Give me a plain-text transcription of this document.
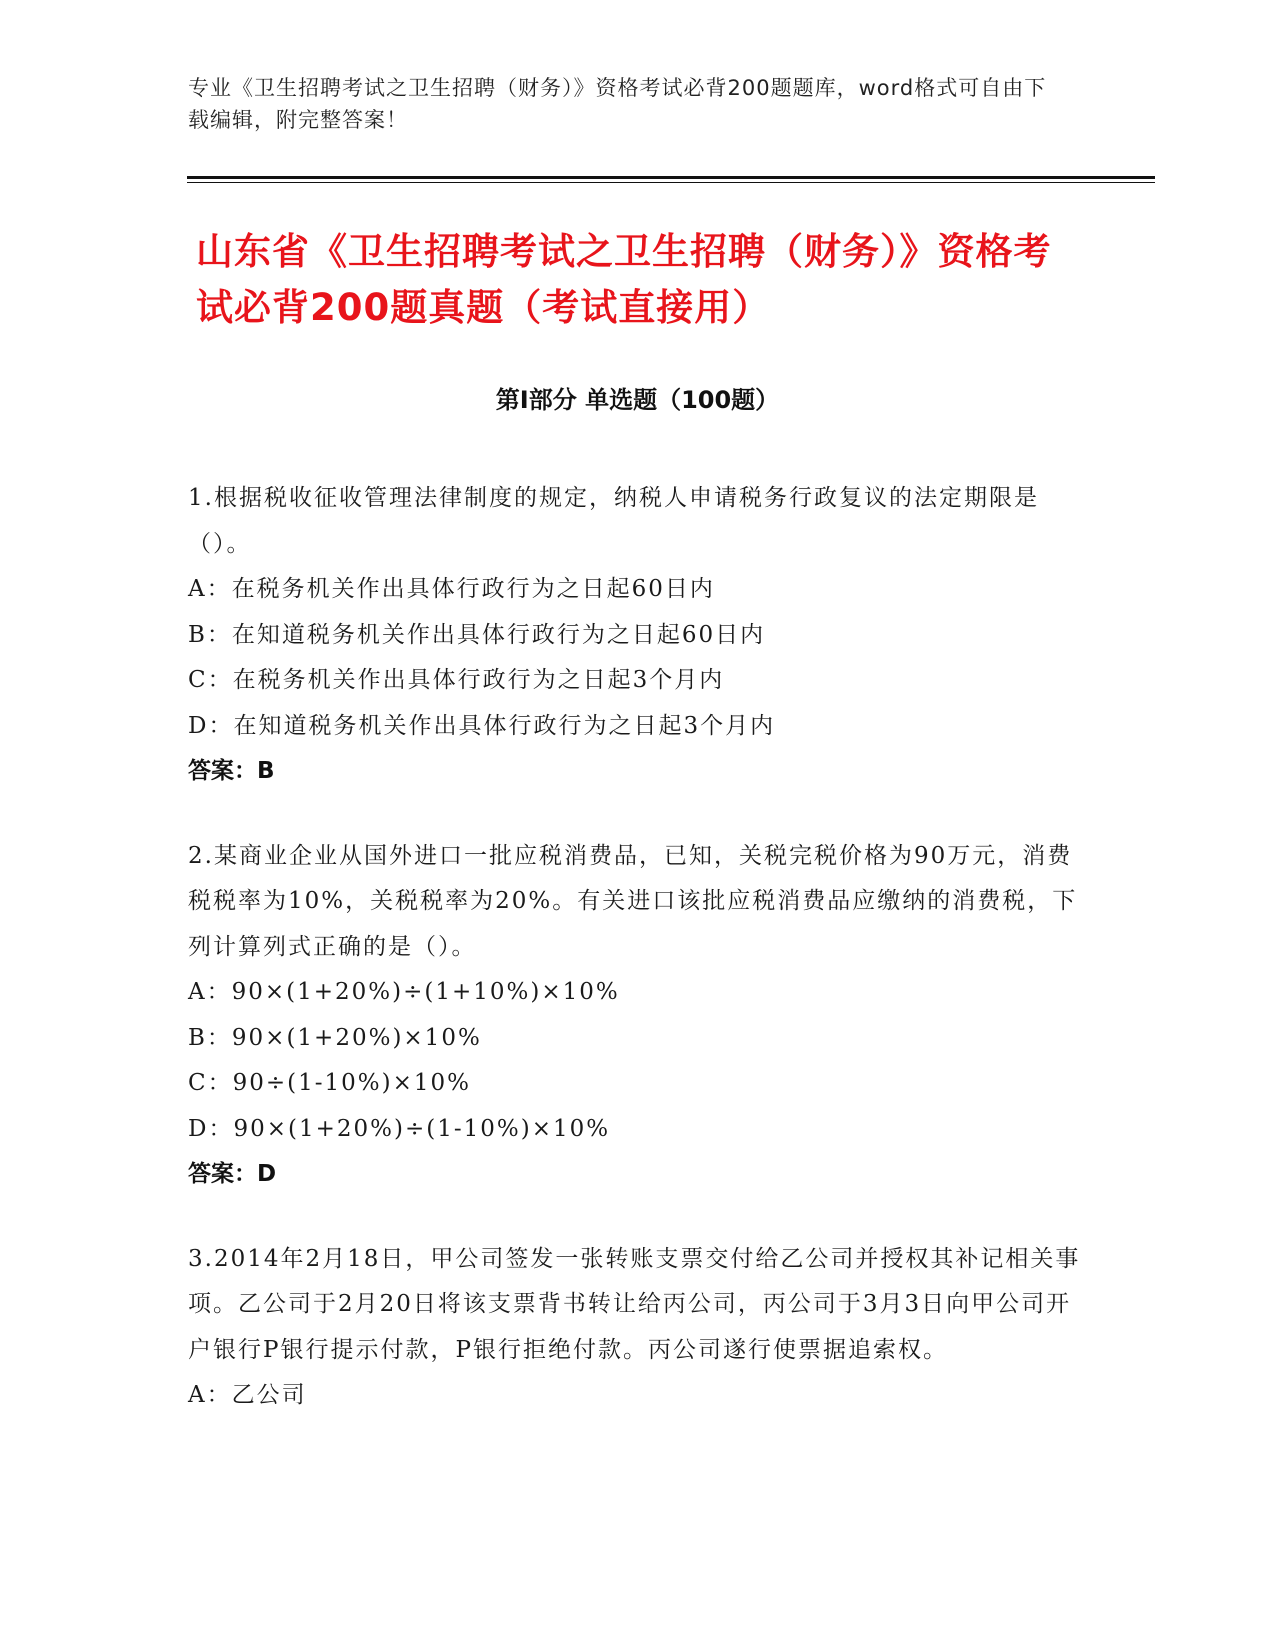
专业《卫生招聘考试之卫生招聘（财务）》资格考试必背200题题库，word格式可自由下载编辑，附完整答案！
山东省《卫生招聘考试之卫生招聘（财务）》资格考试必背200题真题（考试直接用）
第I部分 单选题（100题）
1.根据税收征收管理法律制度的规定，纳税人申请税务行政复议的法定期限是（）。
A：在税务机关作出具体行政行为之日起60日内
B：在知道税务机关作出具体行政行为之日起60日内
C：在税务机关作出具体行政行为之日起3个月内
D：在知道税务机关作出具体行政行为之日起3个月内
答案：B
2.某商业企业从国外进口一批应税消费品，已知，关税完税价格为90万元，消费税税率为10%，关税税率为20%。有关进口该批应税消费品应缴纳的消费税，下列计算列式正确的是（）。
A：90×(1+20%)÷(1+10%)×10%
B：90×(1+20%)×10%
C：90÷(1-10%)×10%
D：90×(1+20%)÷(1-10%)×10%
答案：D
3.2014年2月18日，甲公司签发一张转账支票交付给乙公司并授权其补记相关事项。乙公司于2月20日将该支票背书转让给丙公司，丙公司于3月3日向甲公司开户银行P银行提示付款，P银行拒绝付款。丙公司遂行使票据追索权。
A：乙公司
